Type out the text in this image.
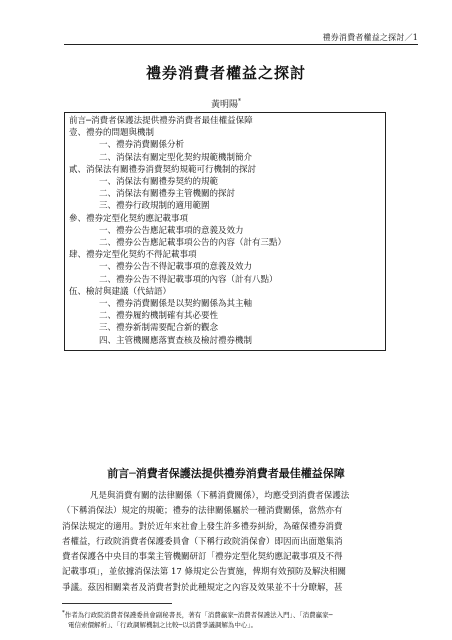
禮券消費者權益之探討／1
禮券消費者權益之探討
黃明陽*
前言─消費者保護法提供禮券消費者最佳權益保障
壹、禮券的問題與機制
一、禮券消費關係分析
二、消保法有關定型化契約規範機制簡介
貳、消保法有關禮券消費契約規範可行機制的探討
一、消保法有關禮券契約的規範
二、消保法有關禮券主管機關的探討
三、禮券行政規制的適用範圍
參、禮券定型化契約應記載事項
一、禮券公告應記載事項的意義及效力
二、禮券公告應記載事項公告的內容（計有三點）
肆、禮券定型化契約不得記載事項
一、禮券公告不得記載事項的意義及效力
二、禮券公告不得記載事項的內容（計有八點）
伍、檢討與建議（代結語）
一、禮券消費關係是以契約關係為其主軸
二、禮券履約機制確有其必要性
三、禮券新制需要配合新的觀念
四、主管機關應落實查核及檢討禮券機制
前言─消費者保護法提供禮券消費者最佳權益保障
凡是與消費有關的法律關係（下稱消費關係），均應受到消費者保護法
（下稱消保法）規定的規範；禮券的法律關係屬於一種消費關係，當然亦有
消保法規定的適用。對於近年來社會上發生許多禮券糾紛，為確保禮券消費
者權益，行政院消費者保護委員會（下稱行政院消保會）即因而出面邀集消
費者保護各中央目的事業主管機關研訂「禮券定型化契約應記載事項及不得
記載事項」，並依據消保法第 17 條規定公告實施，俾期有效預防及解決相關
爭議。茲因相關業者及消費者對於此種規定之內容及效果並不十分瞭解，甚
*作者為行政院消費者保護委員會副秘書長，著有「消費贏家─消費者保護法入門」、「消費贏家─
電信索價解析」、「行政調解機制之比較─以消費爭議調解為中心」。
